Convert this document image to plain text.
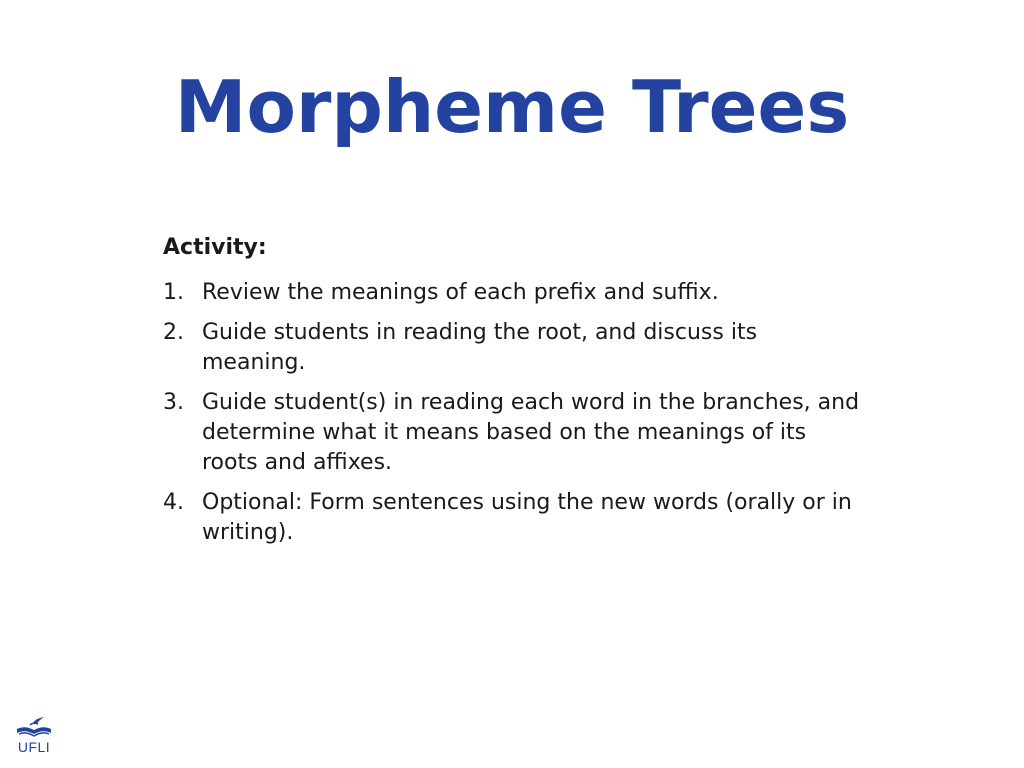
Morpheme Trees
Activity:
1. Review the meanings of each prefix and suffix.
2. Guide students in reading the root, and discuss its meaning.
3. Guide student(s) in reading each word in the branches, and determine what it means based on the meanings of its roots and affixes.
4. Optional: Form sentences using the new words (orally or in writing).
UFLI
